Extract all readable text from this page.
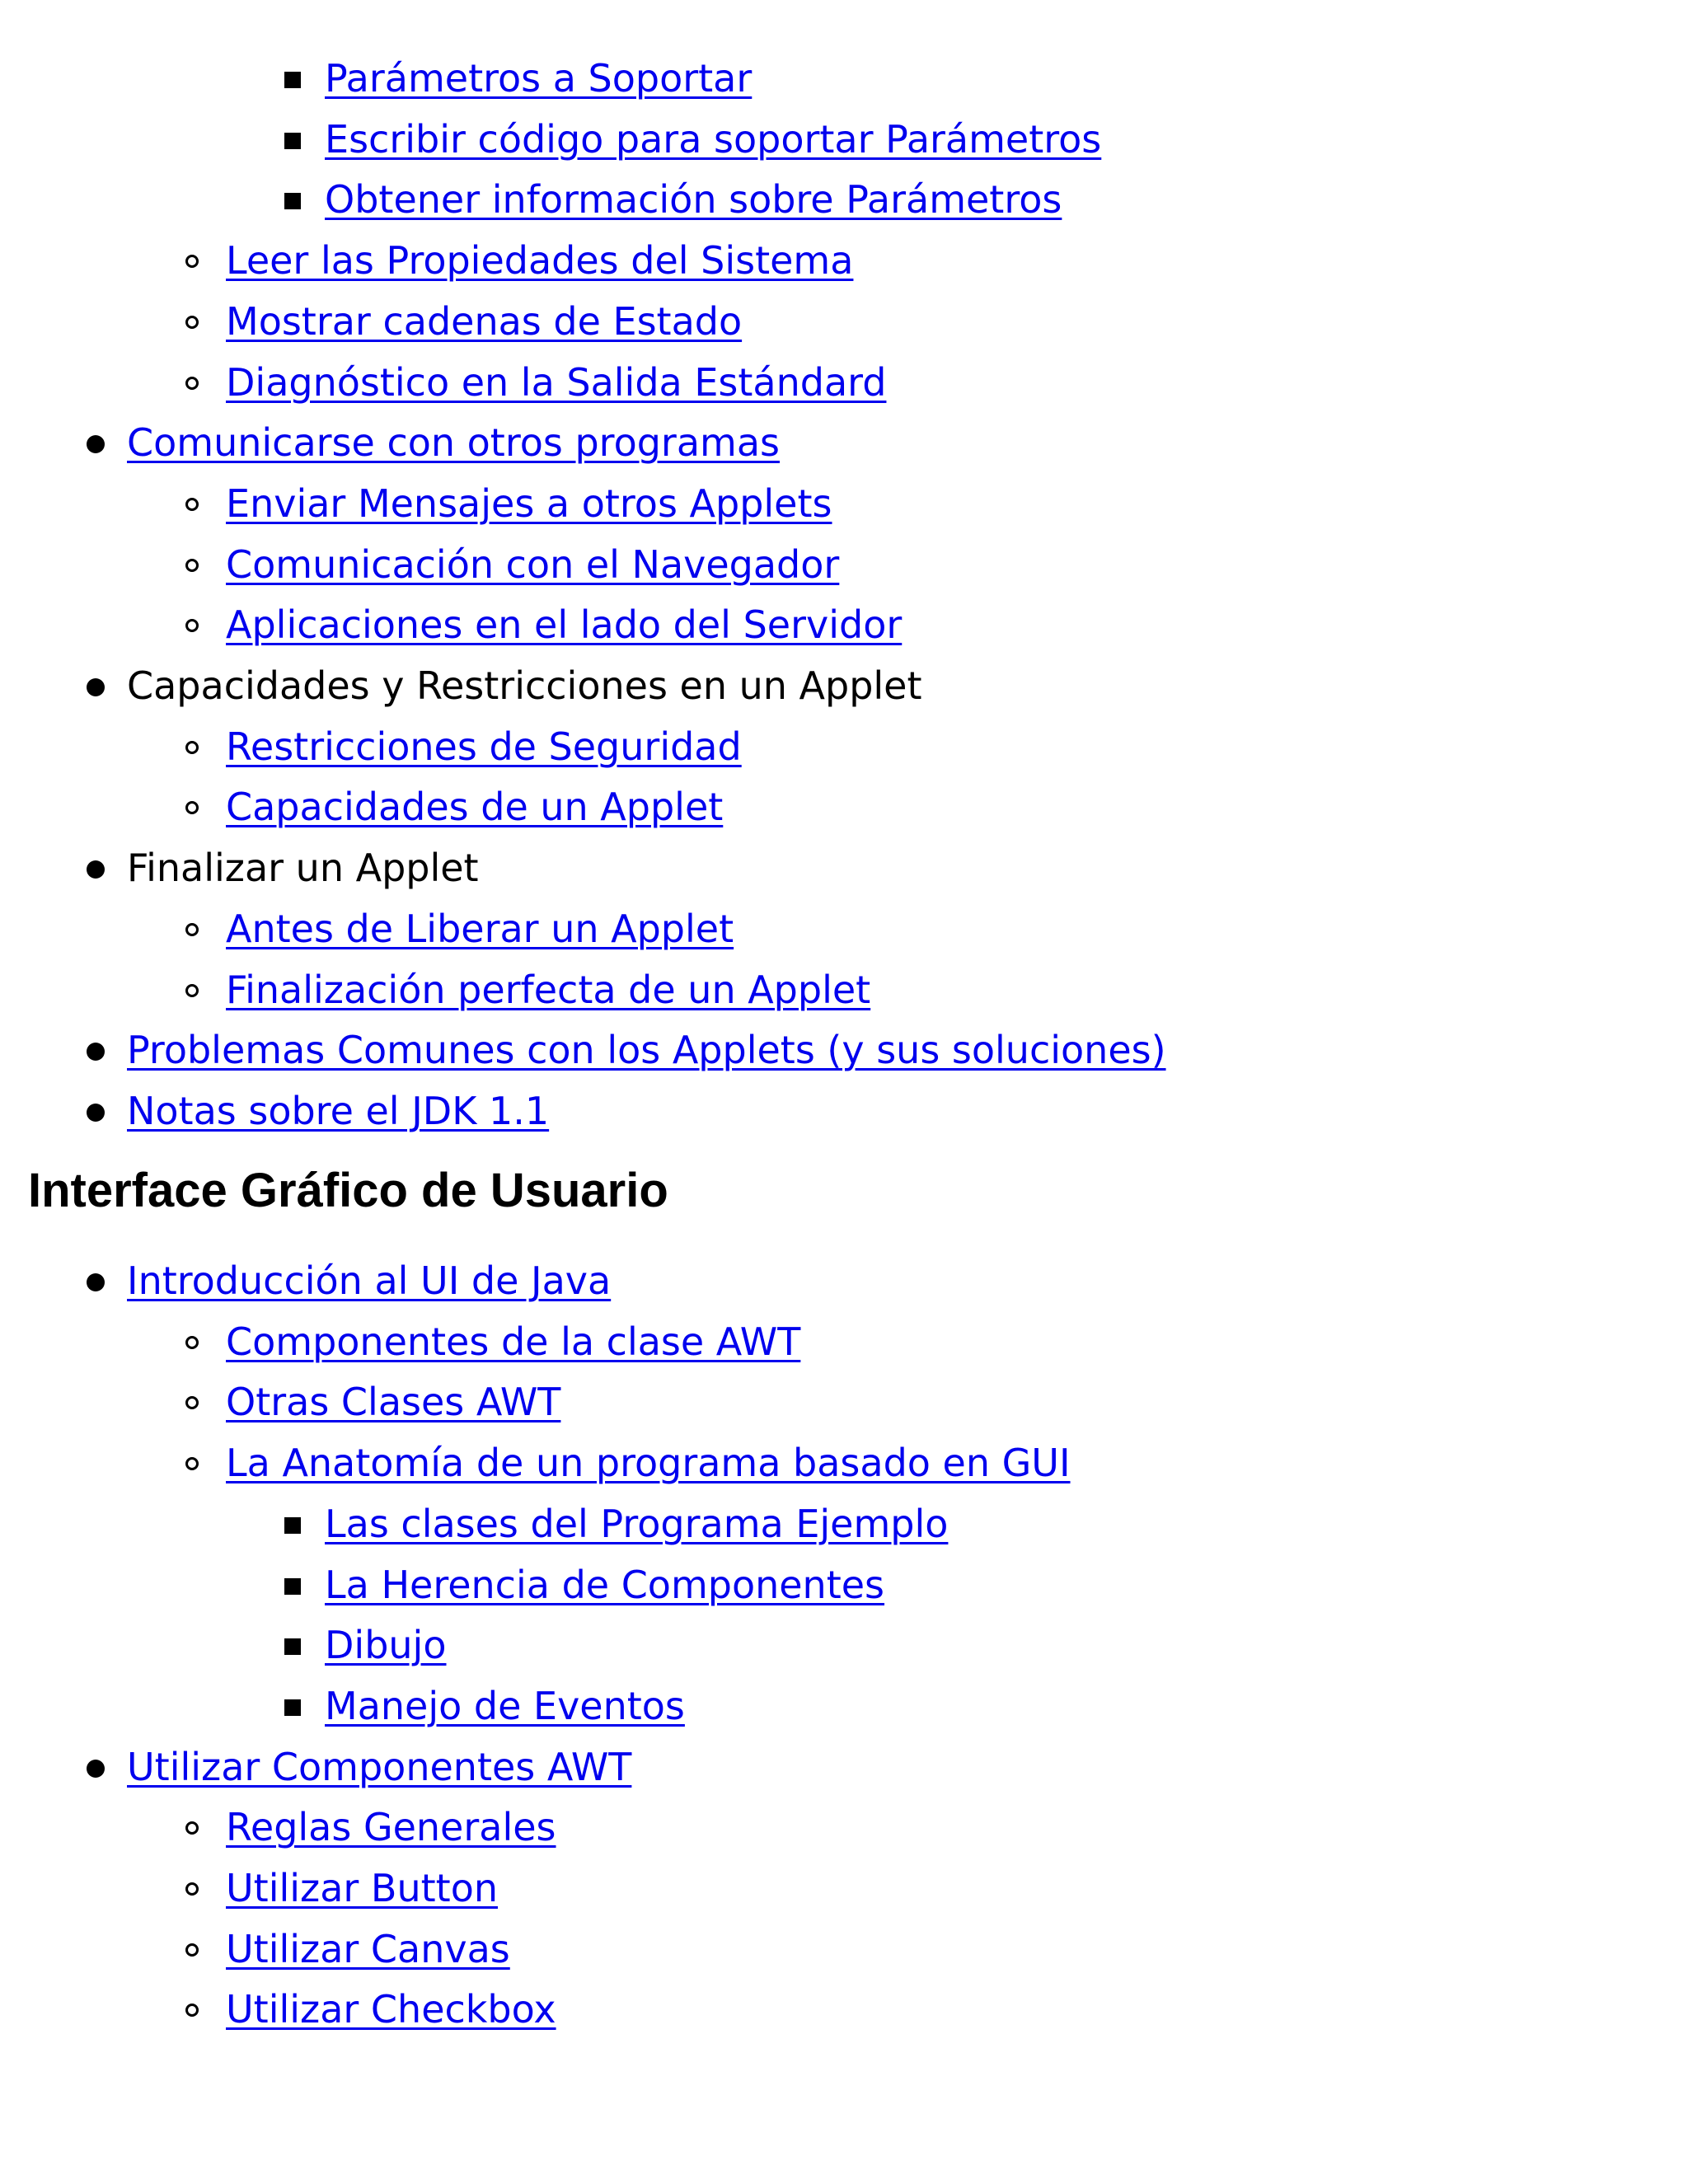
Parámetros a Soportar
Escribir código para soportar Parámetros
Obtener información sobre Parámetros
Leer las Propiedades del Sistema
Mostrar cadenas de Estado
Diagnóstico en la Salida Estándard
Comunicarse con otros programas
Enviar Mensajes a otros Applets
Comunicación con el Navegador
Aplicaciones en el lado del Servidor
Capacidades y Restricciones en un Applet
Restricciones de Seguridad
Capacidades de un Applet
Finalizar un Applet
Antes de Liberar un Applet
Finalización perfecta de un Applet
Problemas Comunes con los Applets (y sus soluciones)
Notas sobre el JDK 1.1
Interface Gráfico de Usuario
Introducción al UI de Java
Componentes de la clase AWT
Otras Clases AWT
La Anatomía de un programa basado en GUI
Las clases del Programa Ejemplo
La Herencia de Componentes
Dibujo
Manejo de Eventos
Utilizar Componentes AWT
Reglas Generales
Utilizar Button
Utilizar Canvas
Utilizar Checkbox
